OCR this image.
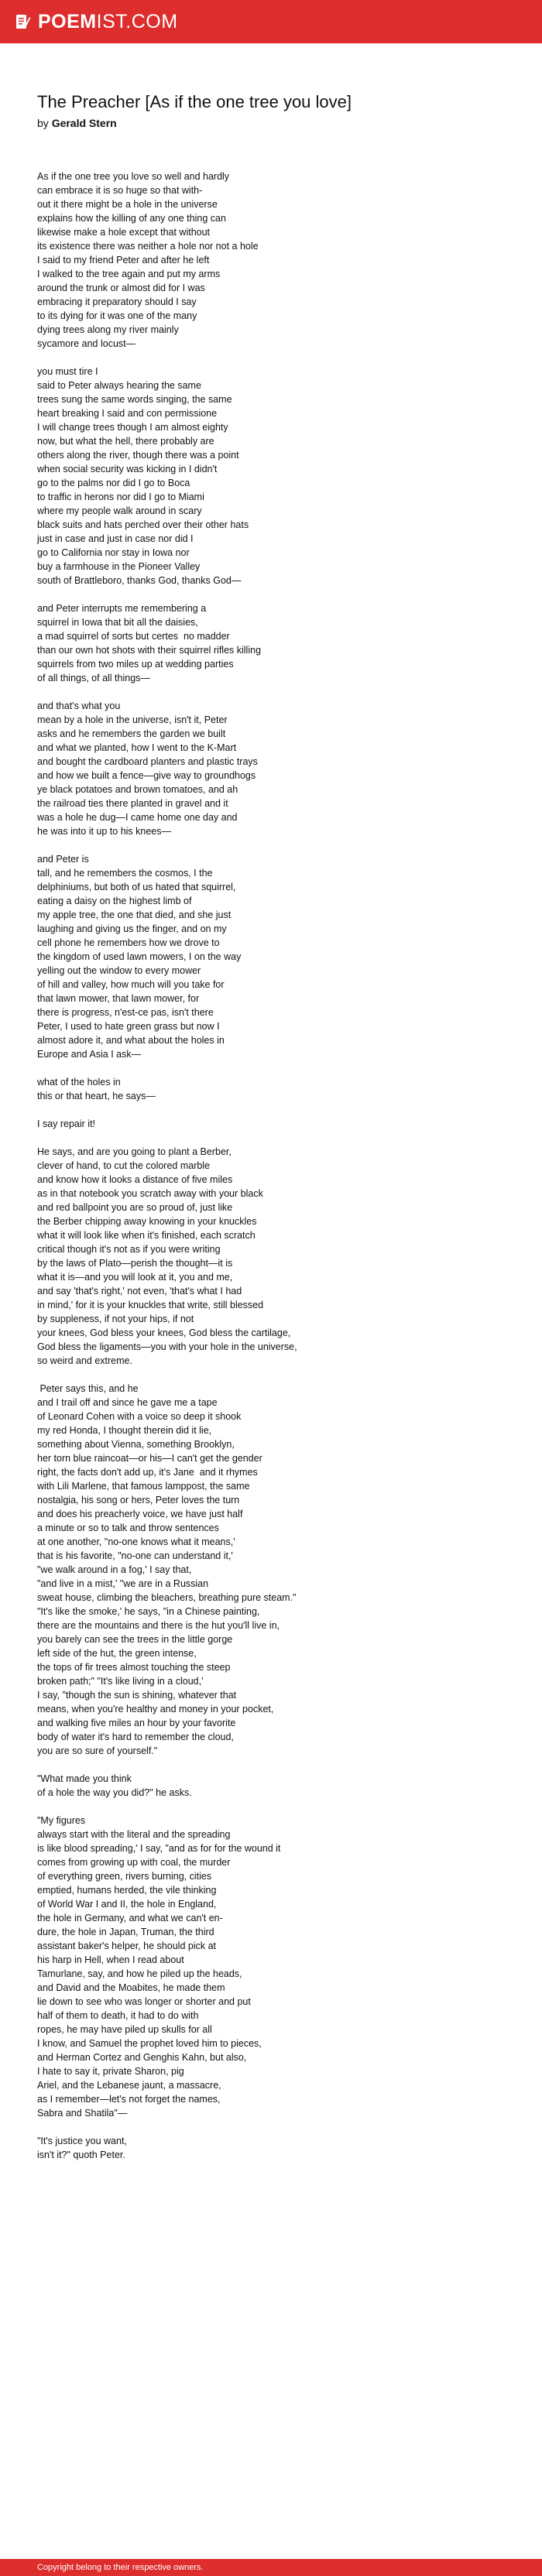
POEMIST.COM
The Preacher [As if the one tree you love]
by Gerald Stern
As if the one tree you love so well and hardly
can embrace it is so huge so that with-
out it there might be a hole in the universe
explains how the killing of any one thing can
likewise make a hole except that without
its existence there was neither a hole nor not a hole
I said to my friend Peter and after he left
I walked to the tree again and put my arms
around the trunk or almost did for I was
embracing it preparatory should I say
to its dying for it was one of the many
dying trees along my river mainly
sycamore and locust—
you must tire I
said to Peter always hearing the same
trees sung the same words singing, the same
heart breaking I said and con permissione
I will change trees though I am almost eighty
now, but what the hell, there probably are
others along the river, though there was a point
when social security was kicking in I didn't
go to the palms nor did I go to Boca
to traffic in herons nor did I go to Miami
where my people walk around in scary
black suits and hats perched over their other hats
just in case and just in case nor did I
go to California nor stay in Iowa nor
buy a farmhouse in the Pioneer Valley
south of Brattleboro, thanks God, thanks God—
and Peter interrupts me remembering a
squirrel in Iowa that bit all the daisies,
a mad squirrel of sorts but certes  no madder
than our own hot shots with their squirrel rifles killing
squirrels from two miles up at wedding parties
of all things, of all things—
and that's what you
mean by a hole in the universe, isn't it, Peter
asks and he remembers the garden we built
and what we planted, how I went to the K-Mart
and bought the cardboard planters and plastic trays
and how we built a fence—give way to groundhogs
ye black potatoes and brown tomatoes, and ah
the railroad ties there planted in gravel and it
was a hole he dug—I came home one day and
he was into it up to his knees—
and Peter is
tall, and he remembers the cosmos, I the
delphiniums, but both of us hated that squirrel,
eating a daisy on the highest limb of
my apple tree, the one that died, and she just
laughing and giving us the finger, and on my
cell phone he remembers how we drove to
the kingdom of used lawn mowers, I on the way
yelling out the window to every mower
of hill and valley, how much will you take for
that lawn mower, that lawn mower, for
there is progress, n'est-ce pas, isn't there
Peter, I used to hate green grass but now I
almost adore it, and what about the holes in
Europe and Asia I ask—
what of the holes in
this or that heart, he says—
I say repair it!
He says, and are you going to plant a Berber,
clever of hand, to cut the colored marble
and know how it looks a distance of five miles
as in that notebook you scratch away with your black
and red ballpoint you are so proud of, just like
the Berber chipping away knowing in your knuckles
what it will look like when it's finished, each scratch
critical though it's not as if you were writing
by the laws of Plato—perish the thought—it is
what it is—and you will look at it, you and me,
and say 'that's right,' not even, 'that's what I had
in mind,' for it is your knuckles that write, still blessed
by suppleness, if not your hips, if not
your knees, God bless your knees, God bless the cartilage,
God bless the ligaments—you with your hole in the universe,
so weird and extreme.
Peter says this, and he
and I trail off and since he gave me a tape
of Leonard Cohen with a voice so deep it shook
my red Honda, I thought therein did it lie,
something about Vienna, something Brooklyn,
her torn blue raincoat—or his—I can't get the gender
right, the facts don't add up, it's Jane  and it rhymes
with Lili Marlene, that famous lamppost, the same
nostalgia, his song or hers, Peter loves the turn
and does his preacherly voice, we have just half
a minute or so to talk and throw sentences
at one another, "no-one knows what it means,'
that is his favorite, "no-one can understand it,'
"we walk around in a fog,' I say that,
"and live in a mist,' "we are in a Russian
sweat house, climbing the bleachers, breathing pure steam."
"It's like the smoke,' he says, "in a Chinese painting,
there are the mountains and there is the hut you'll live in,
you barely can see the trees in the little gorge
left side of the hut, the green intense,
the tops of fir trees almost touching the steep
broken path;" "It's like living in a cloud,'
I say, "though the sun is shining, whatever that
means, when you're healthy and money in your pocket,
and walking five miles an hour by your favorite
body of water it's hard to remember the cloud,
you are so sure of yourself."
"What made you think
of a hole the way you did?" he asks.
"My figures
always start with the literal and the spreading
is like blood spreading,' I say, "and as for for the wound it
comes from growing up with coal, the murder
of everything green, rivers burning, cities
emptied, humans herded, the vile thinking
of World War I and II, the hole in England,
the hole in Germany, and what we can't en-
dure, the hole in Japan, Truman, the third
assistant baker's helper, he should pick at
his harp in Hell, when I read about
Tamurlane, say, and how he piled up the heads,
and David and the Moabites, he made them
lie down to see who was longer or shorter and put
half of them to death, it had to do with
ropes, he may have piled up skulls for all
I know, and Samuel the prophet loved him to pieces,
and Herman Cortez and Genghis Kahn, but also,
I hate to say it, private Sharon, pig
Ariel, and the Lebanese jaunt, a massacre,
as I remember—let's not forget the names,
Sabra and Shatila"—
"It's justice you want,
isn't it?" quoth Peter.
Copyright belong to their respective owners.
